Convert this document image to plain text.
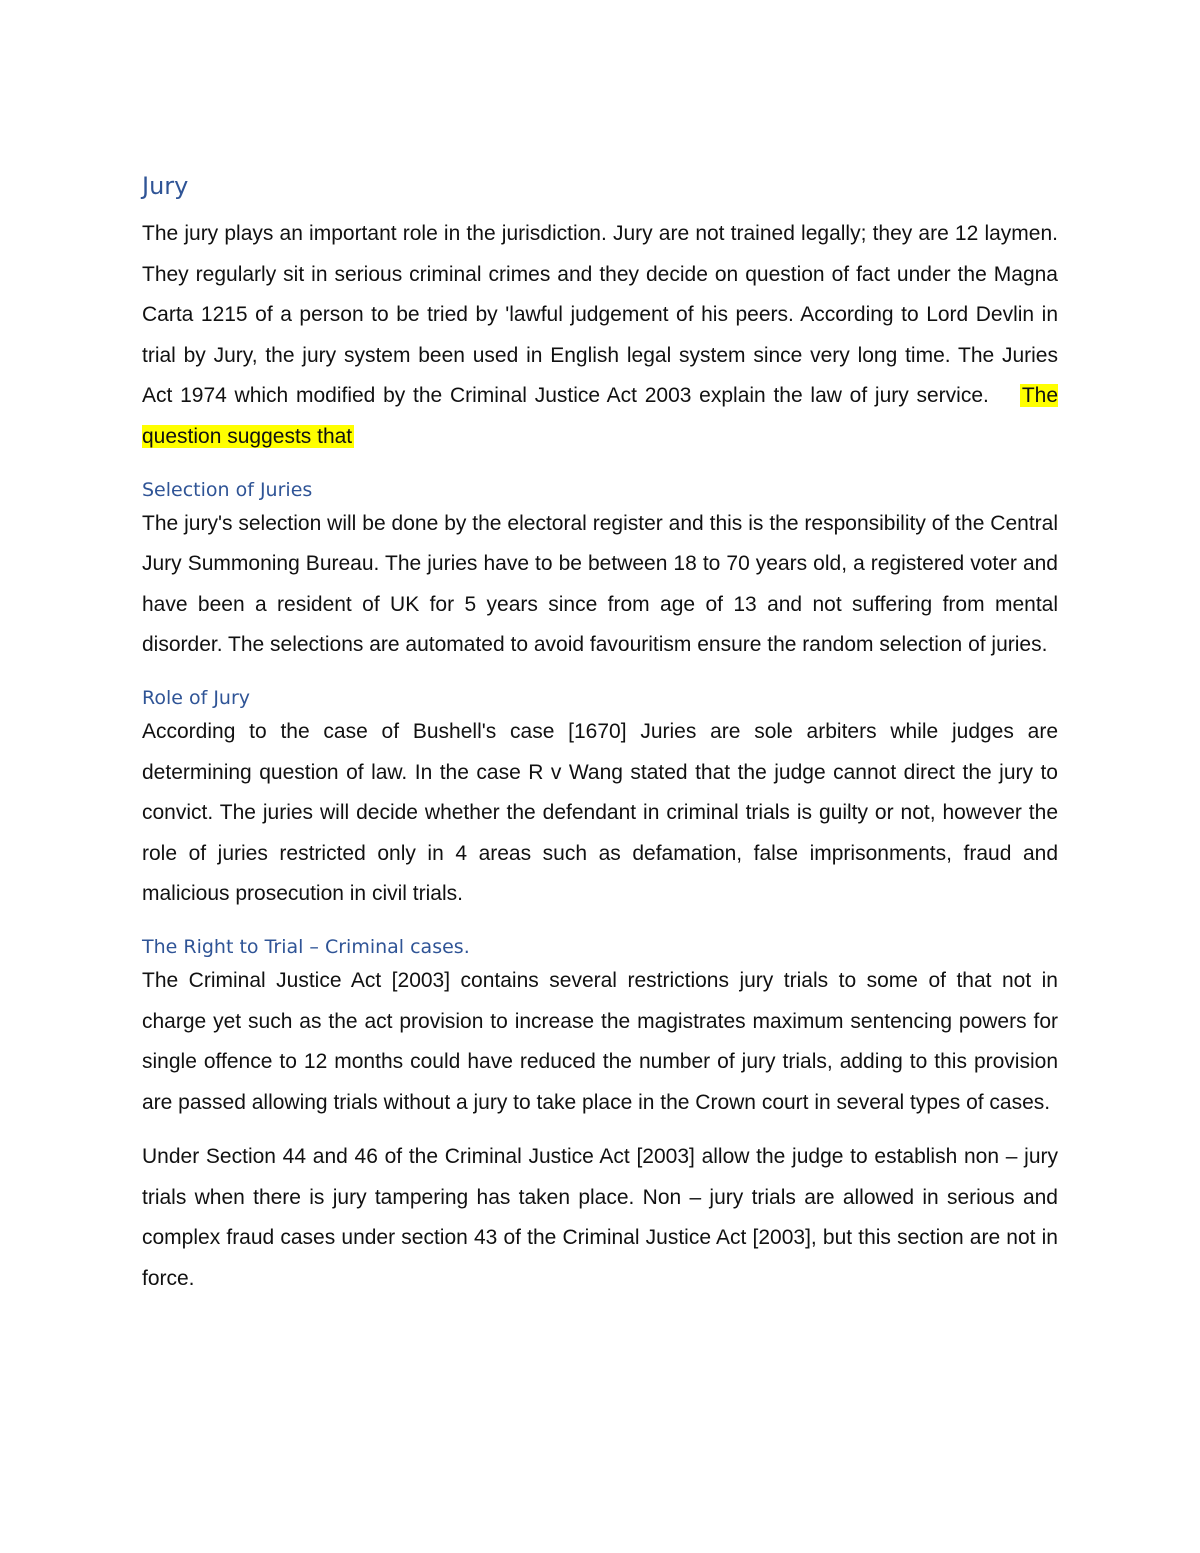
Jury

The jury plays an important role in the jurisdiction. Jury are not trained legally; they are 12 laymen. They regularly sit in serious criminal crimes and they decide on question of fact under the Magna Carta 1215 of a person to be tried by 'lawful judgement of his peers. According to Lord Devlin in trial by Jury, the jury system been used in English legal system since very long time. The Juries Act 1974 which modified by the Criminal Justice Act 2003 explain the law of jury service. The question suggests that

Selection of Juries

The jury's selection will be done by the electoral register and this is the responsibility of the Central Jury Summoning Bureau. The juries have to be between 18 to 70 years old, a registered voter and have been a resident of UK for 5 years since from age of 13 and not suffering from mental disorder. The selections are automated to avoid favouritism ensure the random selection of juries.

Role of Jury

According to the case of Bushell's case [1670] Juries are sole arbiters while judges are determining question of law. In the case R v Wang stated that the judge cannot direct the jury to convict. The juries will decide whether the defendant in criminal trials is guilty or not, however the role of juries restricted only in 4 areas such as defamation, false imprisonments, fraud and malicious prosecution in civil trials.

The Right to Trial – Criminal cases.

The Criminal Justice Act [2003] contains several restrictions jury trials to some of that not in charge yet such as the act provision to increase the magistrates maximum sentencing powers for single offence to 12 months could have reduced the number of jury trials, adding to this provision are passed allowing trials without a jury to take place in the Crown court in several types of cases.

Under Section 44 and 46 of the Criminal Justice Act [2003] allow the judge to establish non – jury trials when there is jury tampering has taken place. Non – jury trials are allowed in serious and complex fraud cases under section 43 of the Criminal Justice Act [2003], but this section are not in force.
